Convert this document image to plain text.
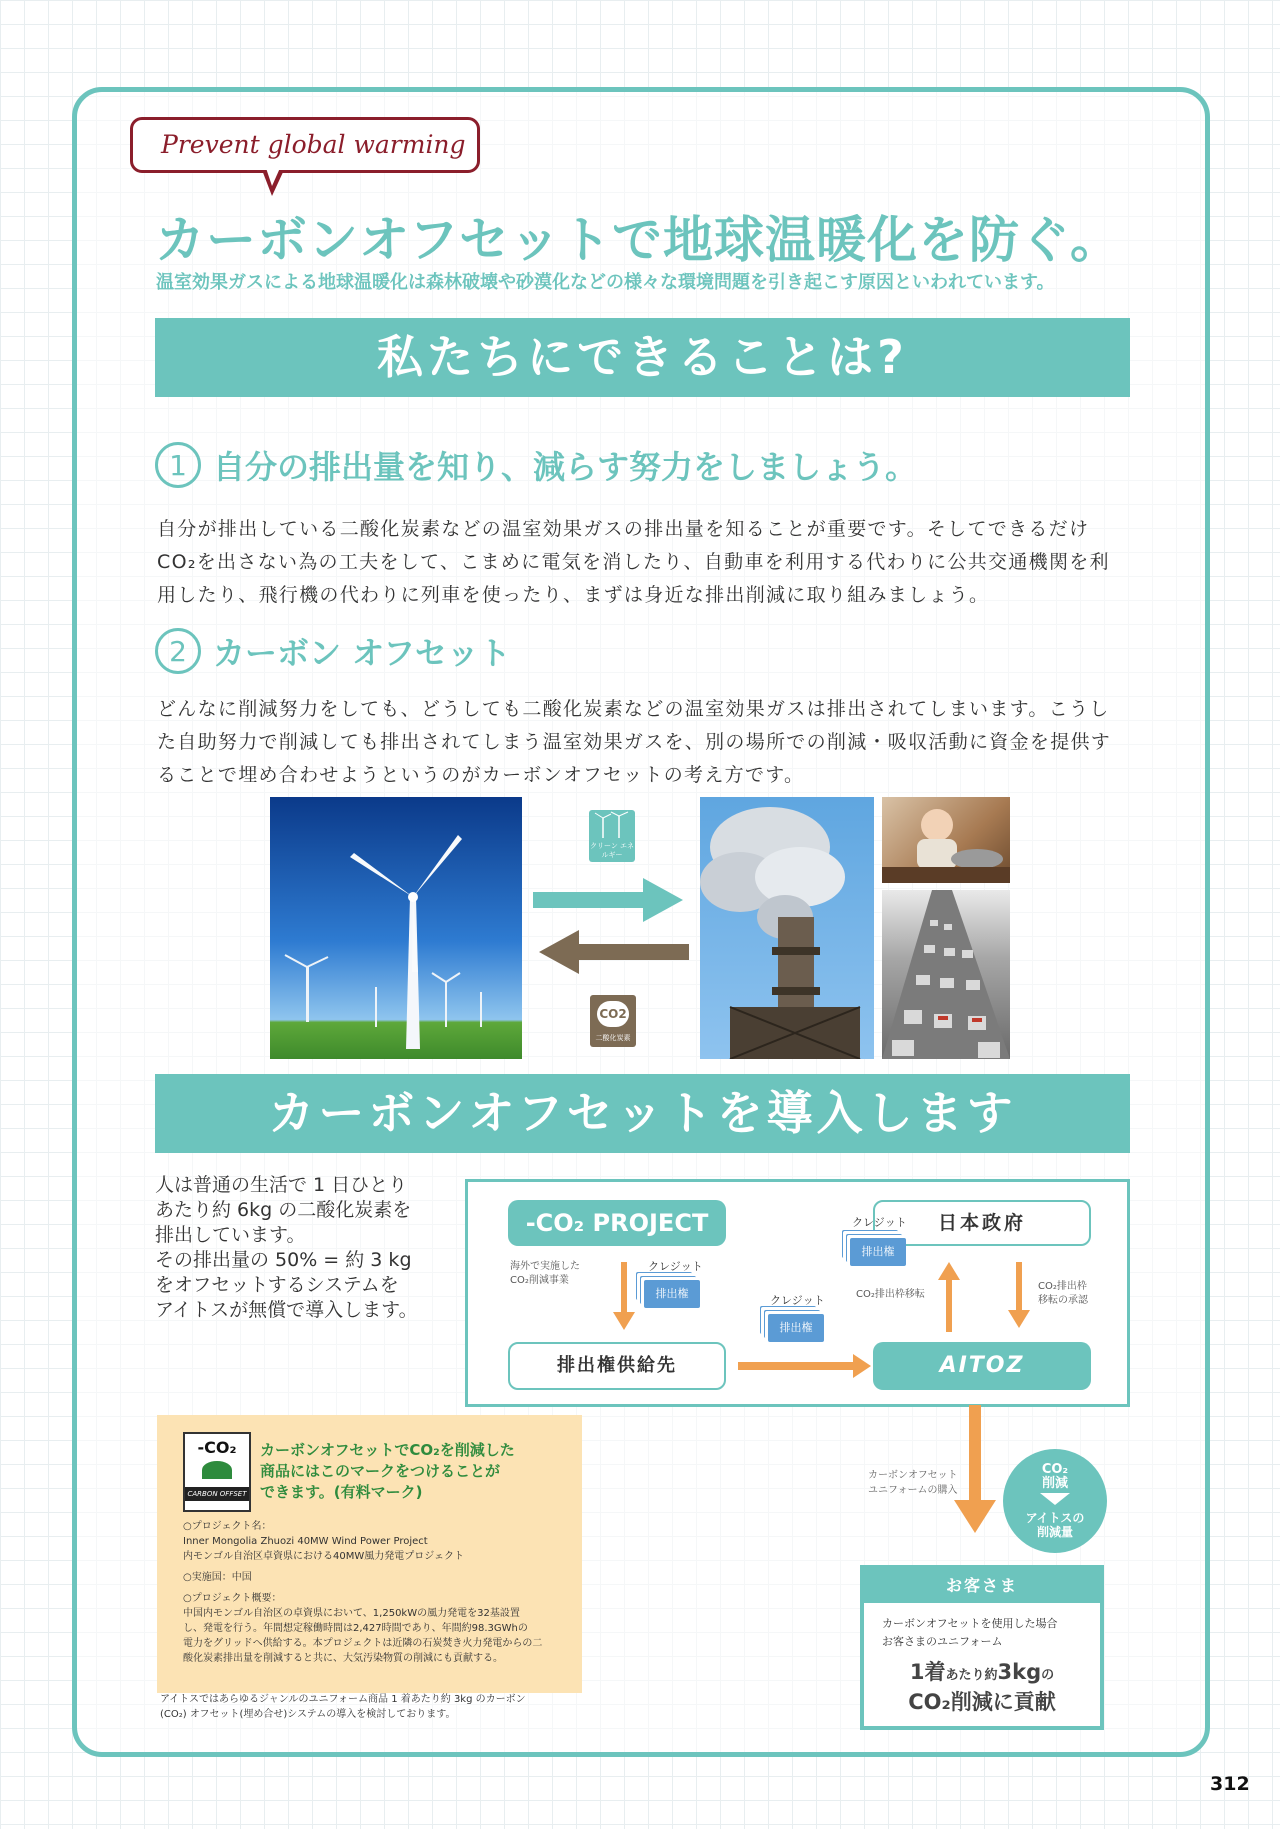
Prevent global warming
カーボンオフセットで地球温暖化を防ぐ。
温室効果ガスによる地球温暖化は森林破壊や砂漠化などの様々な環境問題を引き起こす原因といわれています。
私たちにできることは?
1 自分の排出量を知り、減らす努力をしましょう。
自分が排出している二酸化炭素などの温室効果ガスの排出量を知ることが重要です。そしてできるだけ
CO₂を出さない為の工夫をして、こまめに電気を消したり、自動車を利用する代わりに公共交通機関を利
用したり、飛行機の代わりに列車を使ったり、まずは身近な排出削減に取り組みましょう。
2 カーボン オフセット
どんなに削減努力をしても、どうしても二酸化炭素などの温室効果ガスは排出されてしまいます。こうし
た自助努力で削減しても排出されてしまう温室効果ガスを、別の場所での削減・吸収活動に資金を提供す
ることで埋め合わせようというのがカーボンオフセットの考え方です。
クリーン エネルギー
CO2
二酸化炭素
カーボンオフセットを導入します
人は普通の生活で 1 日ひとり
あたり約 6kg の二酸化炭素を
排出しています。
その排出量の 50% = 約 3 kg
をオフセットするシステムを
アイトスが無償で導入します。
-CO₂ PROJECT	日本政府
排出権供給先	AITOZ
海外で実施した
CO₂削減事業
クレジット
排出権
クレジット
排出権
クレジット
排出権
CO₂排出枠移転
CO₂排出枠
移転の承認
カーボンオフセット
ユニフォームの購入
CO₂
削減
アイトスの
削減量
お客さま
カーボンオフセットを使用した場合
お客さまのユニフォーム
1着あたり約3kgの
CO₂削減に貢献
-CO₂
CARBON OFFSET
カーボンオフセットでCO₂を削減した
商品にはこのマークをつけることが
できます。(有料マーク)
○プロジェクト名：
Inner Mongolia Zhuozi 40MW Wind Power Project
内モンゴル自治区卓資県における40MW風力発電プロジェクト
○実施国：中国
○プロジェクト概要：
中国内モンゴル自治区の卓資県において、1,250kWの風力発電を32基設置
し、発電を行う。年間想定稼働時間は2,427時間であり、年間約98.3GWhの
電力をグリッドへ供給する。本プロジェクトは近隣の石炭焚き火力発電からの二
酸化炭素排出量を削減すると共に、大気汚染物質の削減にも貢献する。
アイトスではあらゆるジャンルのユニフォーム商品 1 着あたり約 3kg のカーボン
(CO₂) オフセット(埋め合せ)システムの導入を検討しております。
312
